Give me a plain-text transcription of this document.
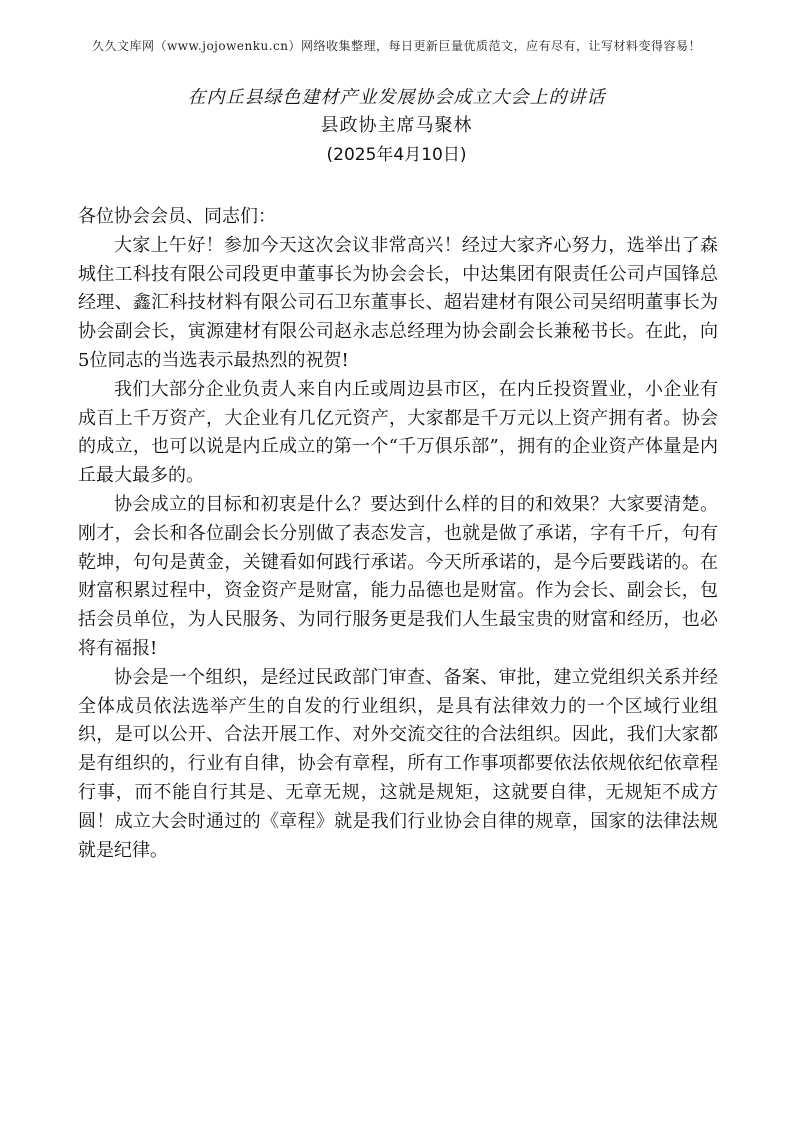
久久文库网（www.jojowenku.cn）网络收集整理，每日更新巨量优质范文，应有尽有，让写材料变得容易！
在内丘县绿色建材产业发展协会成立大会上的讲话

县政协主席马聚林

(2025年4月10日)

各位协会会员、同志们：

大家上午好！参加今天这次会议非常高兴！经过大家齐心努力，选举出了森城住工科技有限公司段更申董事长为协会会长，中达集团有限责任公司卢国锋总经理、鑫汇科技材料有限公司石卫东董事长、超岩建材有限公司吴绍明董事长为协会副会长，寅源建材有限公司赵永志总经理为协会副会长兼秘书长。在此，向5位同志的当选表示最热烈的祝贺!

我们大部分企业负责人来自内丘或周边县市区，在内丘投资置业，小企业有成百上千万资产，大企业有几亿元资产，大家都是千万元以上资产拥有者。协会的成立，也可以说是内丘成立的第一个“千万俱乐部”，拥有的企业资产体量是内丘最大最多的。

协会成立的目标和初衷是什么？要达到什么样的目的和效果？大家要清楚。刚才，会长和各位副会长分别做了表态发言，也就是做了承诺，字有千斤，句有乾坤，句句是黄金，关键看如何践行承诺。今天所承诺的，是今后要践诺的。在财富积累过程中，资金资产是财富，能力品德也是财富。作为会长、副会长，包括会员单位，为人民服务、为同行服务更是我们人生最宝贵的财富和经历，也必将有福报!

协会是一个组织，是经过民政部门审查、备案、审批，建立党组织关系并经全体成员依法选举产生的自发的行业组织，是具有法律效力的一个区域行业组织，是可以公开、合法开展工作、对外交流交往的合法组织。因此，我们大家都是有组织的，行业有自律，协会有章程，所有工作事项都要依法依规依纪依章程行事，而不能自行其是、无章无规，这就是规矩，这就要自律，无规矩不成方圆！成立大会时通过的《章程》就是我们行业协会自律的规章，国家的法律法规就是纪律。
